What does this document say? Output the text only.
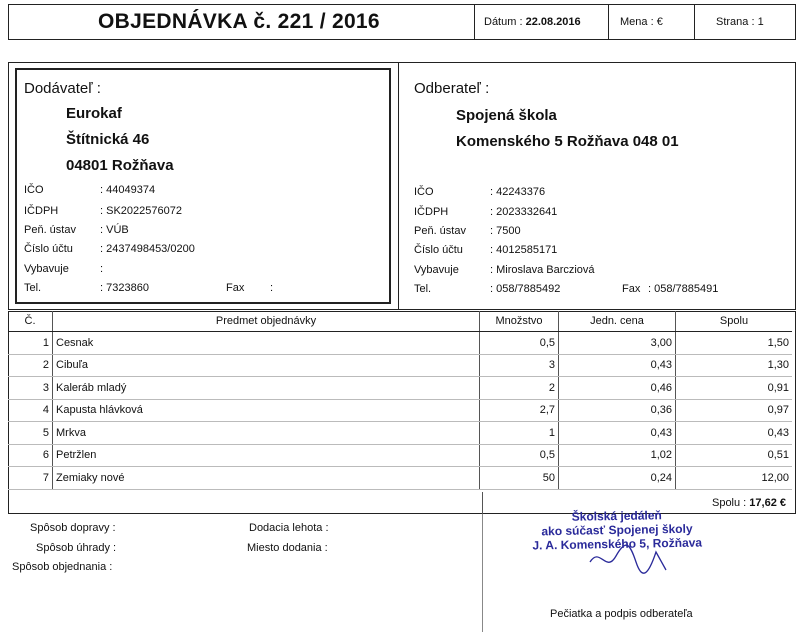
OBJEDNÁVKA č. 221 / 2016	Dátum : 22.08.2016	Mena : €	Strana : 1
Dodávateľ :
Eurokaf
Štítnická 46
04801 Rožňava
IČO	: 44049374
IČDPH	: SK2022576072
Peň. ústav : VÚB
Číslo účtu : 2437498453/0200
Vybavuje	:
Tel.	: 7323860	Fax :
Odberateľ :
Spojená škola
Komenského 5 Rožňava 048 01
IČO	: 42243376
IČDPH	: 2023332641
Peň. ústav : 7500
Číslo účtu : 4012585171
Vybavuje	: Miroslava Barcziová
Tel.	: 058/7885492	Fax : 058/7885491
Č.	Predmet objednávky	Množstvo	Jedn. cena	Spolu
1	Cesnak	0,5	3,00	1,50
2	Cibuľa	3	0,43	1,30
3	Kaleráb mladý	2	0,46	0,91
4	Kapusta hlávková	2,7	0,36	0,97
5	Mrkva	1	0,43	0,43
6	Petržlen	0,5	1,02	0,51
7	Zemiaky nové	50	0,24	12,00
Spolu : 17,62 €
Spôsob dopravy :
Spôsob úhrady :
Spôsob objednania :
Dodacia lehota :
Miesto dodania :
Školská jedáleň
ako súčasť Spojenej školy
J. A. Komenského 5, Rožňava
Pečiatka a podpis odberateľa
